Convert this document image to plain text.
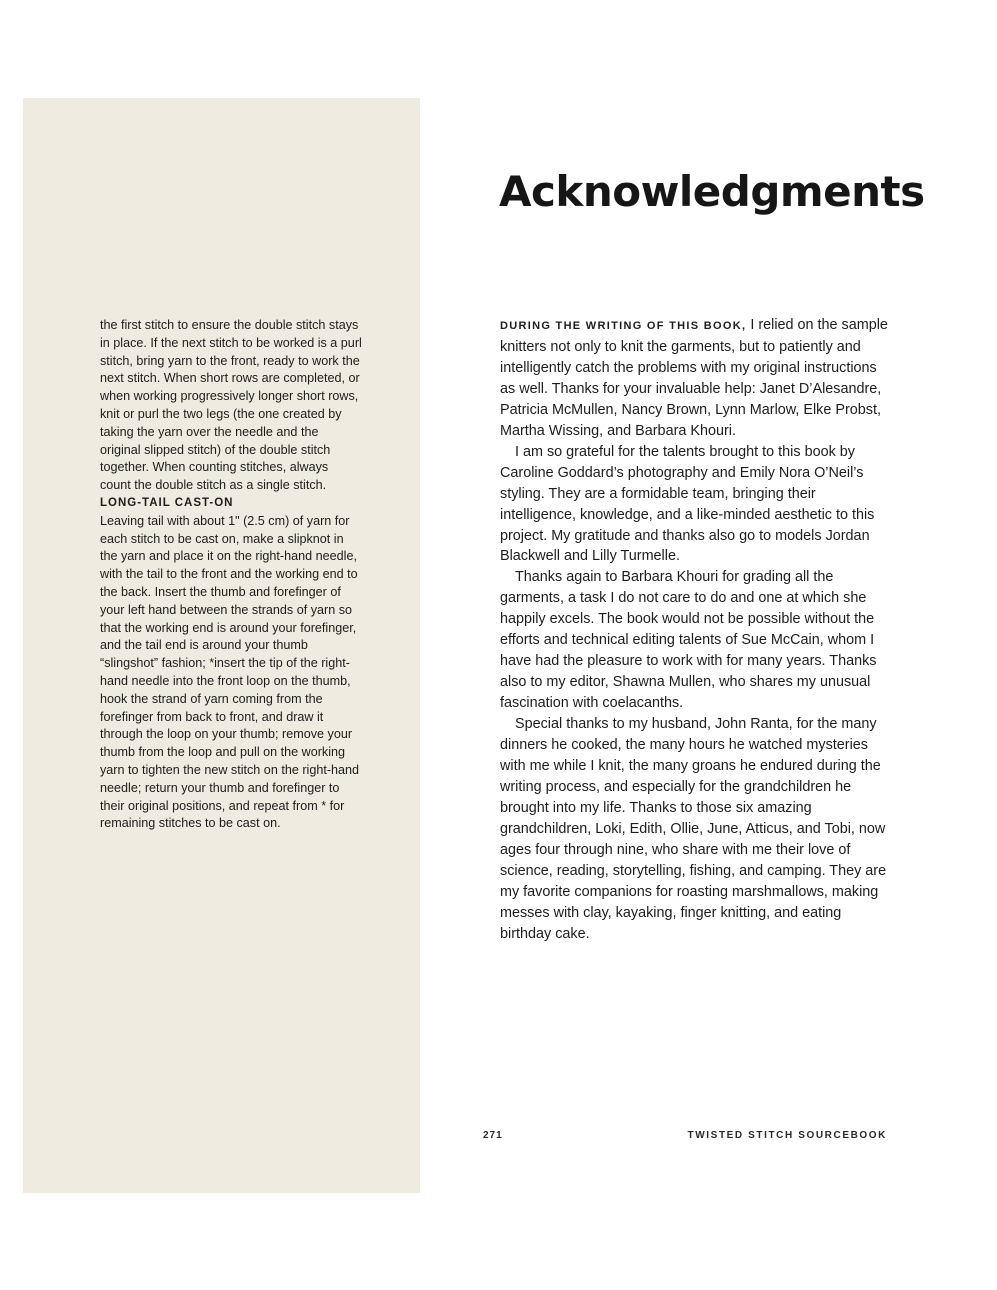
the first stitch to ensure the double stitch stays in place. If the next stitch to be worked is a purl stitch, bring yarn to the front, ready to work the next stitch. When short rows are completed, or when working progressively longer short rows, knit or purl the two legs (the one created by taking the yarn over the needle and the original slipped stitch) of the double stitch together. When counting stitches, always count the double stitch as a single stitch.

LONG-TAIL CAST-ON

Leaving tail with about 1" (2.5 cm) of yarn for each stitch to be cast on, make a slipknot in the yarn and place it on the right-hand needle, with the tail to the front and the working end to the back. Insert the thumb and forefinger of your left hand between the strands of yarn so that the working end is around your forefinger, and the tail end is around your thumb “slingshot” fashion; *insert the tip of the right-hand needle into the front loop on the thumb, hook the strand of yarn coming from the forefinger from back to front, and draw it through the loop on your thumb; remove your thumb from the loop and pull on the working yarn to tighten the new stitch on the right-hand needle; return your thumb and forefinger to their original positions, and repeat from * for remaining stitches to be cast on.

Acknowledgments

DURING THE WRITING OF THIS BOOK, I relied on the sample knitters not only to knit the garments, but to patiently and intelligently catch the problems with my original instructions as well. Thanks for your invaluable help: Janet D’Alesandre, Patricia McMullen, Nancy Brown, Lynn Marlow, Elke Probst, Martha Wissing, and Barbara Khouri.

I am so grateful for the talents brought to this book by Caroline Goddard’s photography and Emily Nora O’Neil’s styling. They are a formidable team, bringing their intelligence, knowledge, and a like-minded aesthetic to this project. My gratitude and thanks also go to models Jordan Blackwell and Lilly Turmelle.

Thanks again to Barbara Khouri for grading all the garments, a task I do not care to do and one at which she happily excels. The book would not be possible without the efforts and technical editing talents of Sue McCain, whom I have had the pleasure to work with for many years. Thanks also to my editor, Shawna Mullen, who shares my unusual fascination with coelacanths.

Special thanks to my husband, John Ranta, for the many dinners he cooked, the many hours he watched mysteries with me while I knit, the many groans he endured during the writing process, and especially for the grandchildren he brought into my life. Thanks to those six amazing grandchildren, Loki, Edith, Ollie, June, Atticus, and Tobi, now ages four through nine, who share with me their love of science, reading, storytelling, fishing, and camping. They are my favorite companions for roasting marshmallows, making messes with clay, kayaking, finger knitting, and eating birthday cake.

271	TWISTED STITCH SOURCEBOOK
